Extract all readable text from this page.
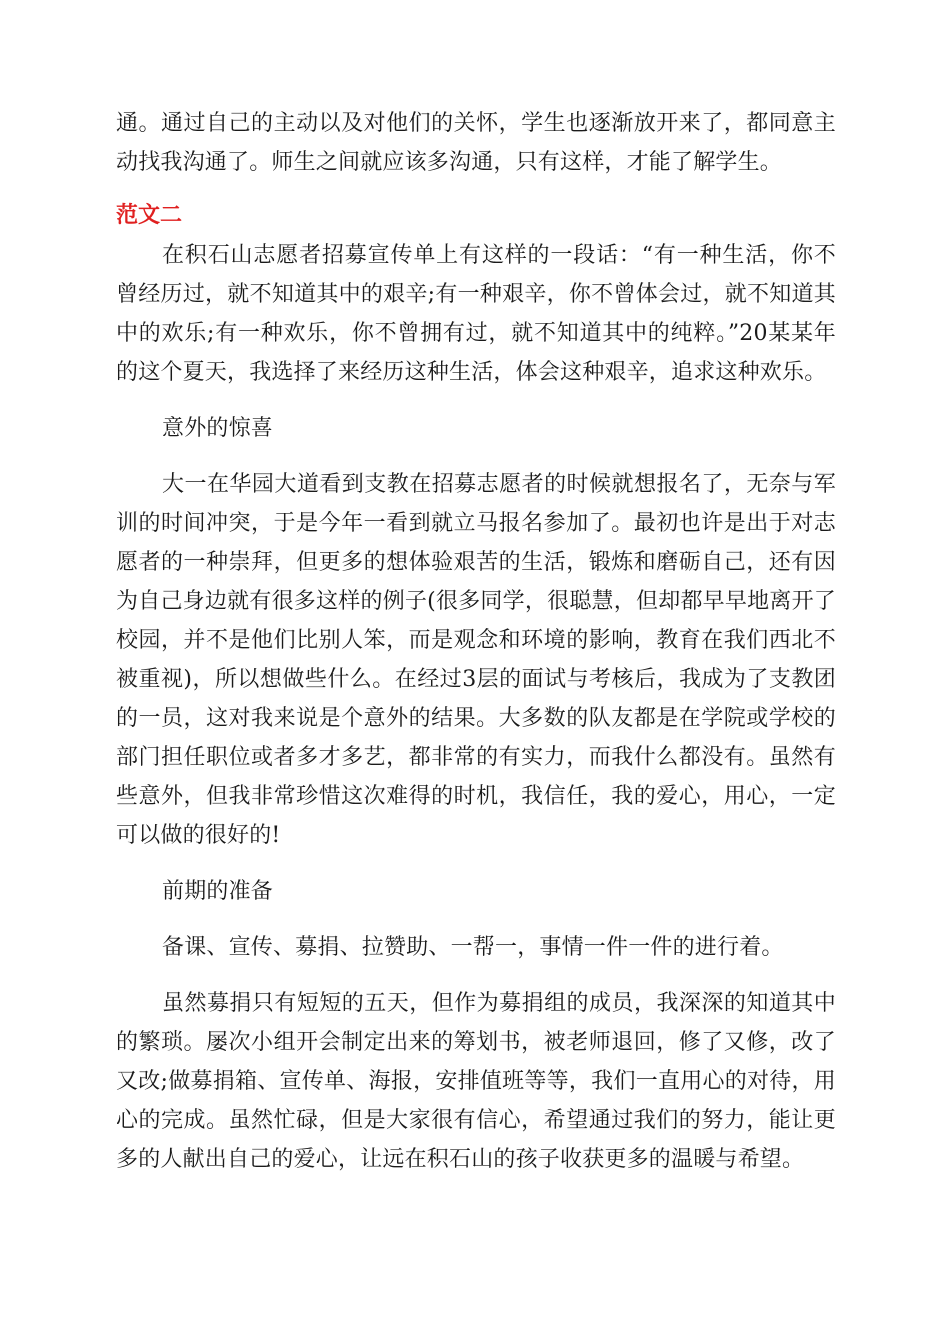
通。通过自己的主动以及对他们的关怀，学生也逐渐放开来了，都同意主动找我沟通了。师生之间就应该多沟通，只有这样，才能了解学生。

范文二

在积石山志愿者招募宣传单上有这样的一段话：“有一种生活，你不曾经历过，就不知道其中的艰辛;有一种艰辛，你不曾体会过，就不知道其中的欢乐;有一种欢乐，你不曾拥有过，就不知道其中的纯粹。”20某某年的这个夏天，我选择了来经历这种生活，体会这种艰辛，追求这种欢乐。

意外的惊喜

大一在华园大道看到支教在招募志愿者的时候就想报名了，无奈与军训的时间冲突，于是今年一看到就立马报名参加了。最初也许是出于对志愿者的一种崇拜，但更多的想体验艰苦的生活，锻炼和磨砺自己，还有因为自己身边就有很多这样的例子(很多同学，很聪慧，但却都早早地离开了校园，并不是他们比别人笨，而是观念和环境的影响，教育在我们西北不被重视)，所以想做些什么。在经过3层的面试与考核后，我成为了支教团的一员，这对我来说是个意外的结果。大多数的队友都是在学院或学校的部门担任职位或者多才多艺，都非常的有实力，而我什么都没有。虽然有些意外，但我非常珍惜这次难得的时机，我信任，我的爱心，用心，一定可以做的很好的!

前期的准备

备课、宣传、募捐、拉赞助、一帮一，事情一件一件的进行着。

虽然募捐只有短短的五天，但作为募捐组的成员，我深深的知道其中的繁琐。屡次小组开会制定出来的筹划书，被老师退回，修了又修，改了又改;做募捐箱、宣传单、海报，安排值班等等，我们一直用心的对待，用心的完成。虽然忙碌，但是大家很有信心，希望通过我们的努力，能让更多的人献出自己的爱心，让远在积石山的孩子收获更多的温暖与希望。
